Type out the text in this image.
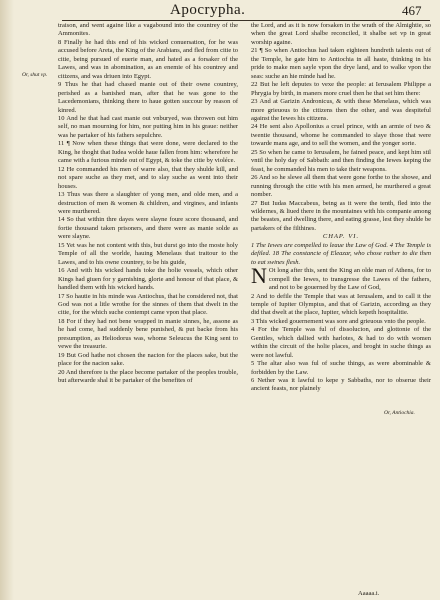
Apocrypha.	467
Or, shut vp.
Or, Antiochia.

traison, and went againe like a vagabound into the countrey of the Ammonites.

8 Finally he had this end of his wicked conuersation, for he was accused before Areta, the King of the Arabians, and fled from citie to citie, being pursued of euerie man, and hated as a forsaker of the Lawes, and was in abomination, as an enemie of his countrey and citizens, and was driuen into Egypt.

9 Thus he that had chased manie out of their owne countrey, perished as a banished man, after that he was gone to the Lacedemonians, thinking there to haue gotten succour by reason of kinred.

10 And he that had cast manie out vnburyed, was throwen out him self, no man mourning for him, nor putting him in his graue: neither was he partaker of his fathers sepulchre.

11 ¶ Now when these things that were done, were declared to the King, he thoght that Iudea wolde haue fallen from him: wherefore he came with a furious minde out of Egypt, & toke the citie by violéce.

12 He commanded his men of warre also, that they shulde kill, and not spare suche as they met, and to slay suche as went into their houses.

13 Thus was there a slaughter of yong men, and olde men, and a destruction of men & women & children, and virgines, and infants were murthered.

14 So that within thre dayes were slayne foure score thousand, and fortie thousand taken prisoners, and there were as manie solde as were slayne.

15 Yet was he not content with this, but durst go into the moste holy Temple of all the worlde, hauing Menelaus that traitour to the Lawes, and to his owne countrey, to be his guide,

16 And with his wicked hands toke the holie vessels, which other Kings had giuen for y garnishing, glorie and honour of that place, & handled them with his wicked hands.

17 So hautie in his minde was Antiochus, that he considered not, that God was not a litle wrothe for the sinnes of them that dwelt in the citie, for the which suche contempt came vpon that place.

18 For if they had not bene wrapped in manie sinnes, he, assone as he had come, had suddenly bene punished, & put backe from his presumption, as Heliodorus was, whome Seleucus the King sent to vewe the treasurie.

19 But God hathe not chosen the nacion for the places sake, but the place for the nacion sake.

20 And therefore is the place become partaker of the peoples trouble, but afterwarde shal it be partaker of the benefites of

the Lord, and as it is now forsaken in the wrath of the Almightie, so when the great Lord shalbe reconciled, it shalbe set vp in great worship againe.

21 ¶ So when Antiochus had taken eighteen hundreth talents out of the Temple, he gate him to Antiochia in all haste, thinking in his pride to make men sayle vpon the drye land, and to walke vpon the seas: suche an hie minde had he.

22 But he left deputes to vexe the people: at Ierusalem Philippe a Phrygia by birth, in maners more cruel then he that set him there:

23 And at Garizin Andronicus, & with these Menelaus, which was more grieuous to the citizens then the other, and was despiteful against the Iewes his citizens.

24 He sent also Apollonius a cruel prince, with an armie of two & twentie thousand, whome he commanded to slaye those that were towarde mans age, and to sell the women, and the yonger sorte.

25 So when he came to Ierusalem, he fained peace, and kept him stil vntil the holy day of Sabbath: and then finding the Iewes keping the feast, he commanded his men to take their weapons.

26 And so he slewe all them that were gone forthe to the showe, and running through the citie with his men armed, he murthered a great nomber.

27 But Iudas Maccabeus, being as it were the tenth, fled into the wildernes, & liued there in the mountaines with his companie among the beastes, and dwelling there, and eating grasse, lest they shulde be partakers of the filthines.

CHAP. VI.

1 The Iewes are compelled to leaue the Law of God. 4 The Temple is defiled. 18 The constancie of Eleazar, who chose rather to die then to eat swines flesh.

N Ot long after this, sent the King an olde man of Athens, for to compell the Iewes, to transgresse the Lawes of the fathers, and not to be gouerned by the Law of God,

2 And to defile the Temple that was at Ierusalem, and to call it the temple of Iupiter Olympius, and that of Garizin, according as they did that dwelt at the place, Iupiter, which kepeth hospitalitie.

3 This wicked gouernement was sore and grieuous vnto the people.

4 For the Temple was ful of dissolucion, and glottonie of the Gentiles, which dallied with harlotes, & had to do with women within the circuit of the holie places, and broght in suche things as were not lawful.

5 The altar also was ful of suche things, as were abominable & forbidden by the Law.

6 Nether was it lawful to kepe y Sabbaths, nor to obserue their ancient feasts, nor plainely

Aaaaa.i.
